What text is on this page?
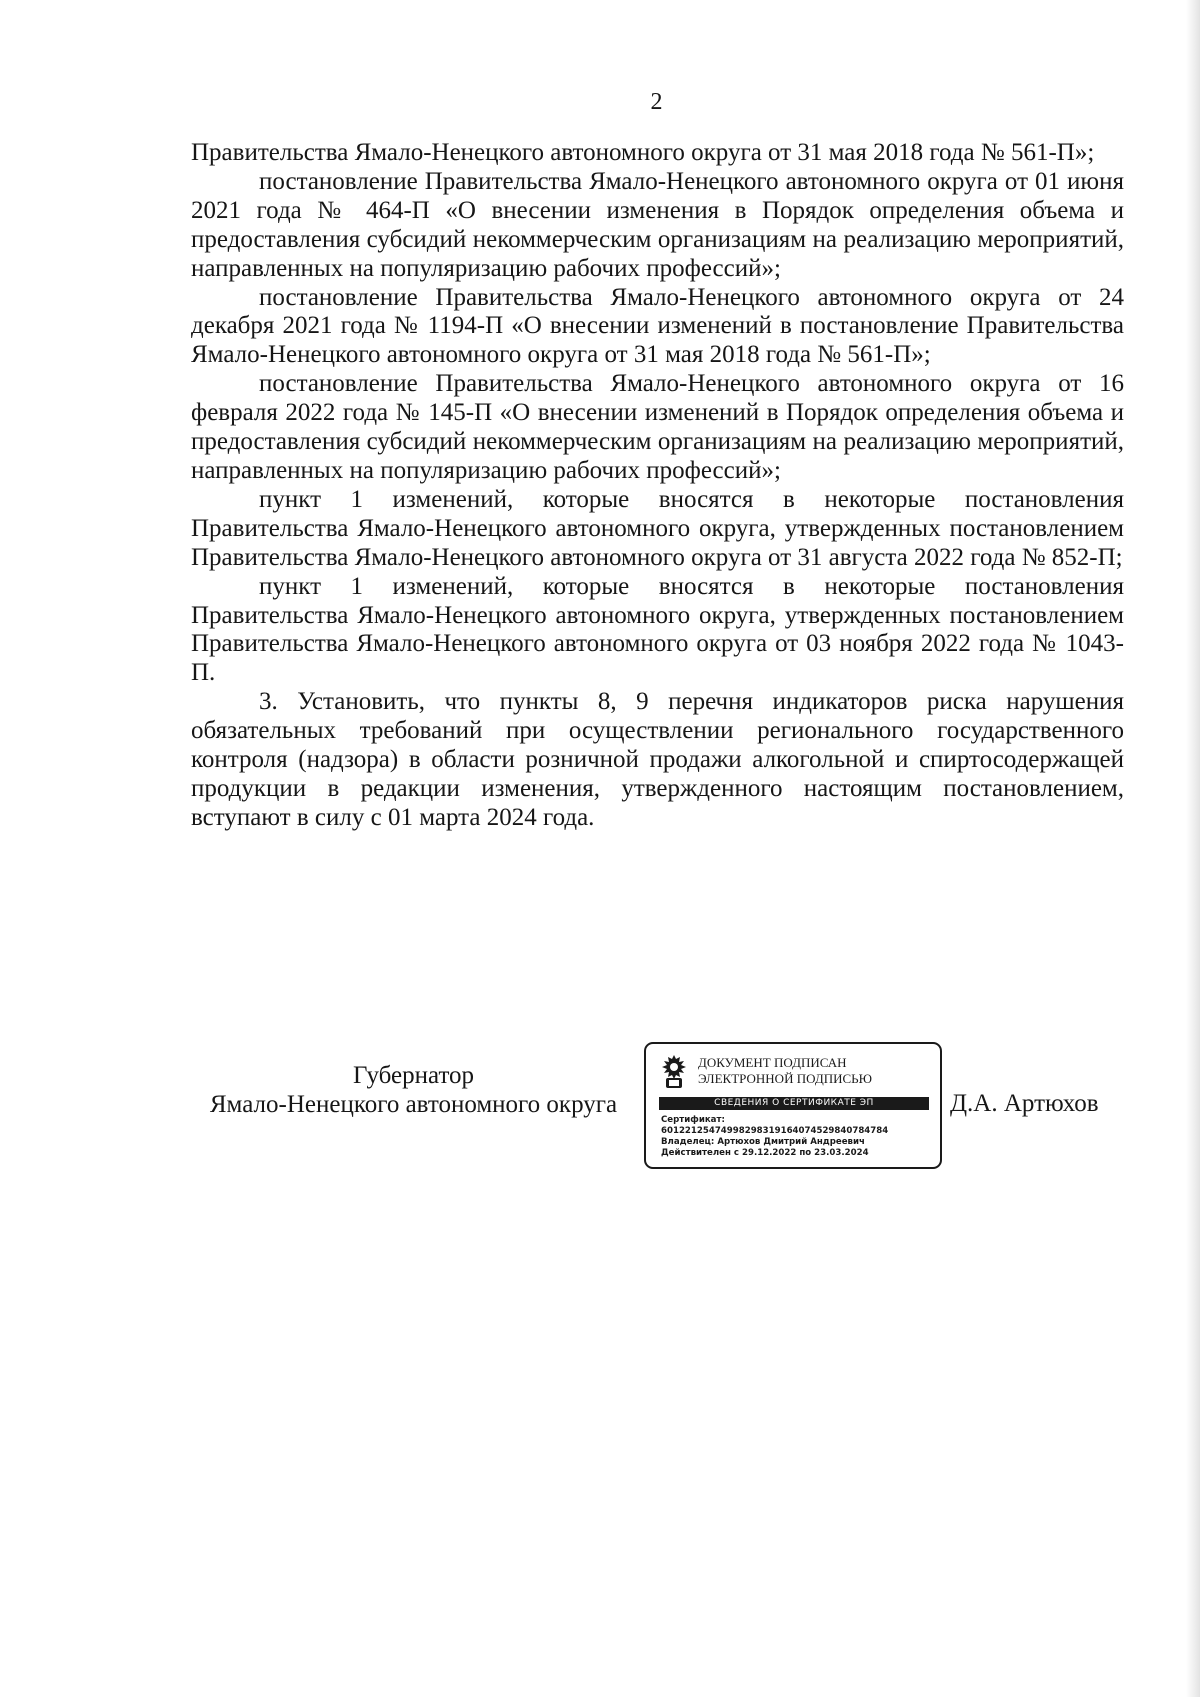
2

Правительства Ямало-Ненецкого автономного округа от 31 мая 2018 года № 561-П»;

постановление Правительства Ямало-Ненецкого автономного округа от 01 июня 2021 года № 464-П «О внесении изменения в Порядок определения объема и предоставления субсидий некоммерческим организациям на реализацию мероприятий, направленных на популяризацию рабочих профессий»;

постановление Правительства Ямало-Ненецкого автономного округа от 24 декабря 2021 года № 1194-П «О внесении изменений в постановление Правительства Ямало-Ненецкого автономного округа от 31 мая 2018 года № 561-П»;

постановление Правительства Ямало-Ненецкого автономного округа от 16 февраля 2022 года № 145-П «О внесении изменений в Порядок определения объема и предоставления субсидий некоммерческим организациям на реализацию мероприятий, направленных на популяризацию рабочих профессий»;

пункт 1 изменений, которые вносятся в некоторые постановления Правительства Ямало-Ненецкого автономного округа, утвержденных постановлением Правительства Ямало-Ненецкого автономного округа от 31 августа 2022 года № 852-П;

пункт 1 изменений, которые вносятся в некоторые постановления Правительства Ямало-Ненецкого автономного округа, утвержденных постановлением Правительства Ямало-Ненецкого автономного округа от 03 ноября 2022 года № 1043-П.

3. Установить, что пункты 8, 9 перечня индикаторов риска нарушения обязательных требований при осуществлении регионального государственного контроля (надзора) в области розничной продажи алкогольной и спиртосодержащей продукции в редакции изменения, утвержденного настоящим постановлением, вступают в силу с 01 марта 2024 года.

Губернатор
Ямало-Ненецкого автономного округа
ДОКУМЕНТ ПОДПИСАН
ЭЛЕКТРОННОЙ ПОДПИСЬЮ
СВЕДЕНИЯ О СЕРТИФИКАТЕ ЭП
Сертификат:
60122125474998298319164074529840784784
Владелец: Артюхов Дмитрий Андреевич
Действителен с 29.12.2022 по 23.03.2024
Д.А. Артюхов
